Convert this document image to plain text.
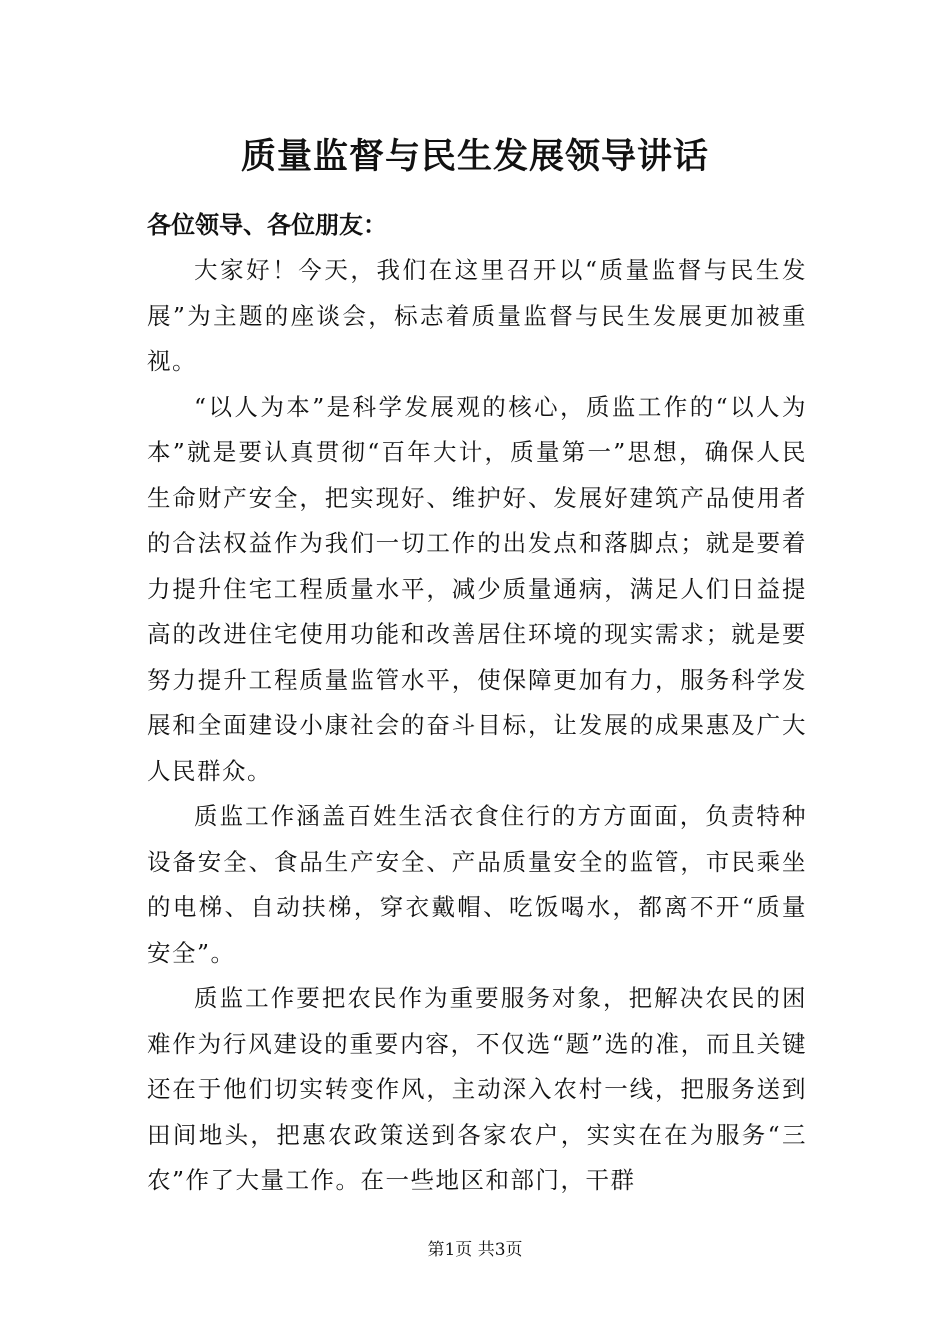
质量监督与民生发展领导讲话
各位领导、各位朋友：

大家好！今天，我们在这里召开以“质量监督与民生发展”为主题的座谈会，标志着质量监督与民生发展更加被重视。

“以人为本”是科学发展观的核心，质监工作的“以人为本”就是要认真贯彻“百年大计，质量第一”思想，确保人民生命财产安全，把实现好、维护好、发展好建筑产品使用者的合法权益作为我们一切工作的出发点和落脚点；就是要着力提升住宅工程质量水平，减少质量通病，满足人们日益提高的改进住宅使用功能和改善居住环境的现实需求；就是要努力提升工程质量监管水平，使保障更加有力，服务科学发展和全面建设小康社会的奋斗目标，让发展的成果惠及广大人民群众。

质监工作涵盖百姓生活衣食住行的方方面面，负责特种设备安全、食品生产安全、产品质量安全的监管，市民乘坐的电梯、自动扶梯，穿衣戴帽、吃饭喝水，都离不开“质量安全”。

质监工作要把农民作为重要服务对象，把解决农民的困难作为行风建设的重要内容，不仅选“题”选的准，而且关键还在于他们切实转变作风，主动深入农村一线，把服务送到田间地头，把惠农政策送到各家农户，实实在在为服务“三农”作了大量工作。在一些地区和部门，干群

第1页 共3页
